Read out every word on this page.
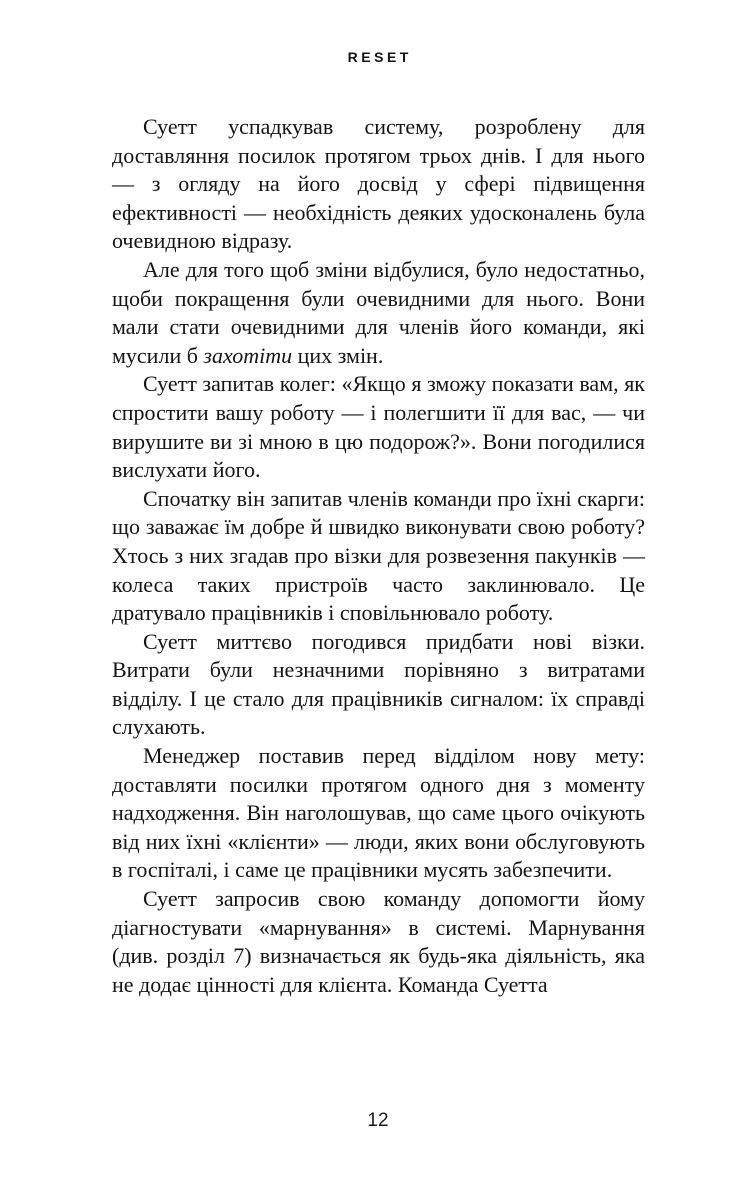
RESET

Суетт успадкував систему, розроблену для доставляння посилок протягом трьох днів. І для нього — з огляду на його досвід у сфері підвищення ефективності — необхідність деяких удосконалень була очевидною відразу.

Але для того щоб зміни відбулися, було недостатньо, щоби покращення були очевидними для нього. Вони мали стати очевидними для членів його команди, які мусили б захотіти цих змін.

Суетт запитав колег: «Якщо я зможу показати вам, як спростити вашу роботу — і полегшити її для вас, — чи вирушите ви зі мною в цю подорож?». Вони погодилися вислухати його.

Спочатку він запитав членів команди про їхні скарги: що заважає їм добре й швидко виконувати свою роботу? Хтось з них згадав про візки для розвезення пакунків — колеса таких пристроїв часто заклинювало. Це дратувало працівників і сповільнювало роботу.

Суетт миттєво погодився придбати нові візки. Витрати були незначними порівняно з витратами відділу. І це стало для працівників сигналом: їх справді слухають.

Менеджер поставив перед відділом нову мету: доставляти посилки протягом одного дня з моменту надходження. Він наголошував, що саме цього очікують від них їхні «клієнти» — люди, яких вони обслуговують в госпіталі, і саме це працівники мусять забезпечити.

Суетт запросив свою команду допомогти йому діагностувати «марнування» в системі. Марнування (див. розділ 7) визначається як будь-яка діяльність, яка не додає цінності для клієнта. Команда Суетта

12
